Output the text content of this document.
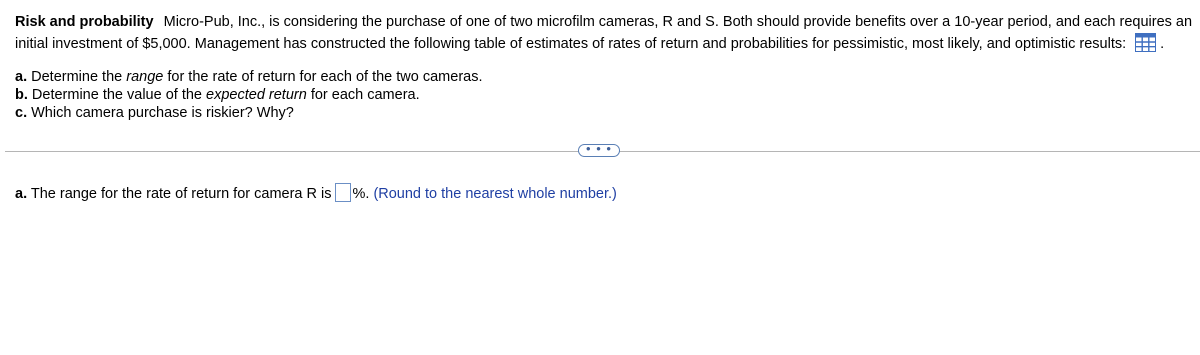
Risk and probability Micro-Pub, Inc., is considering the purchase of one of two microfilm cameras, R and S. Both should provide benefits over a 10-year period, and each requires an initial investment of $5,000. Management has constructed the following table of estimates of rates of return and probabilities for pessimistic, most likely, and optimistic results: .
a. Determine the range for the rate of return for each of the two cameras.
b. Determine the value of the expected return for each camera.
c. Which camera purchase is riskier? Why?
• • •
a. The range for the rate of return for camera R is %. (Round to the nearest whole number.)
